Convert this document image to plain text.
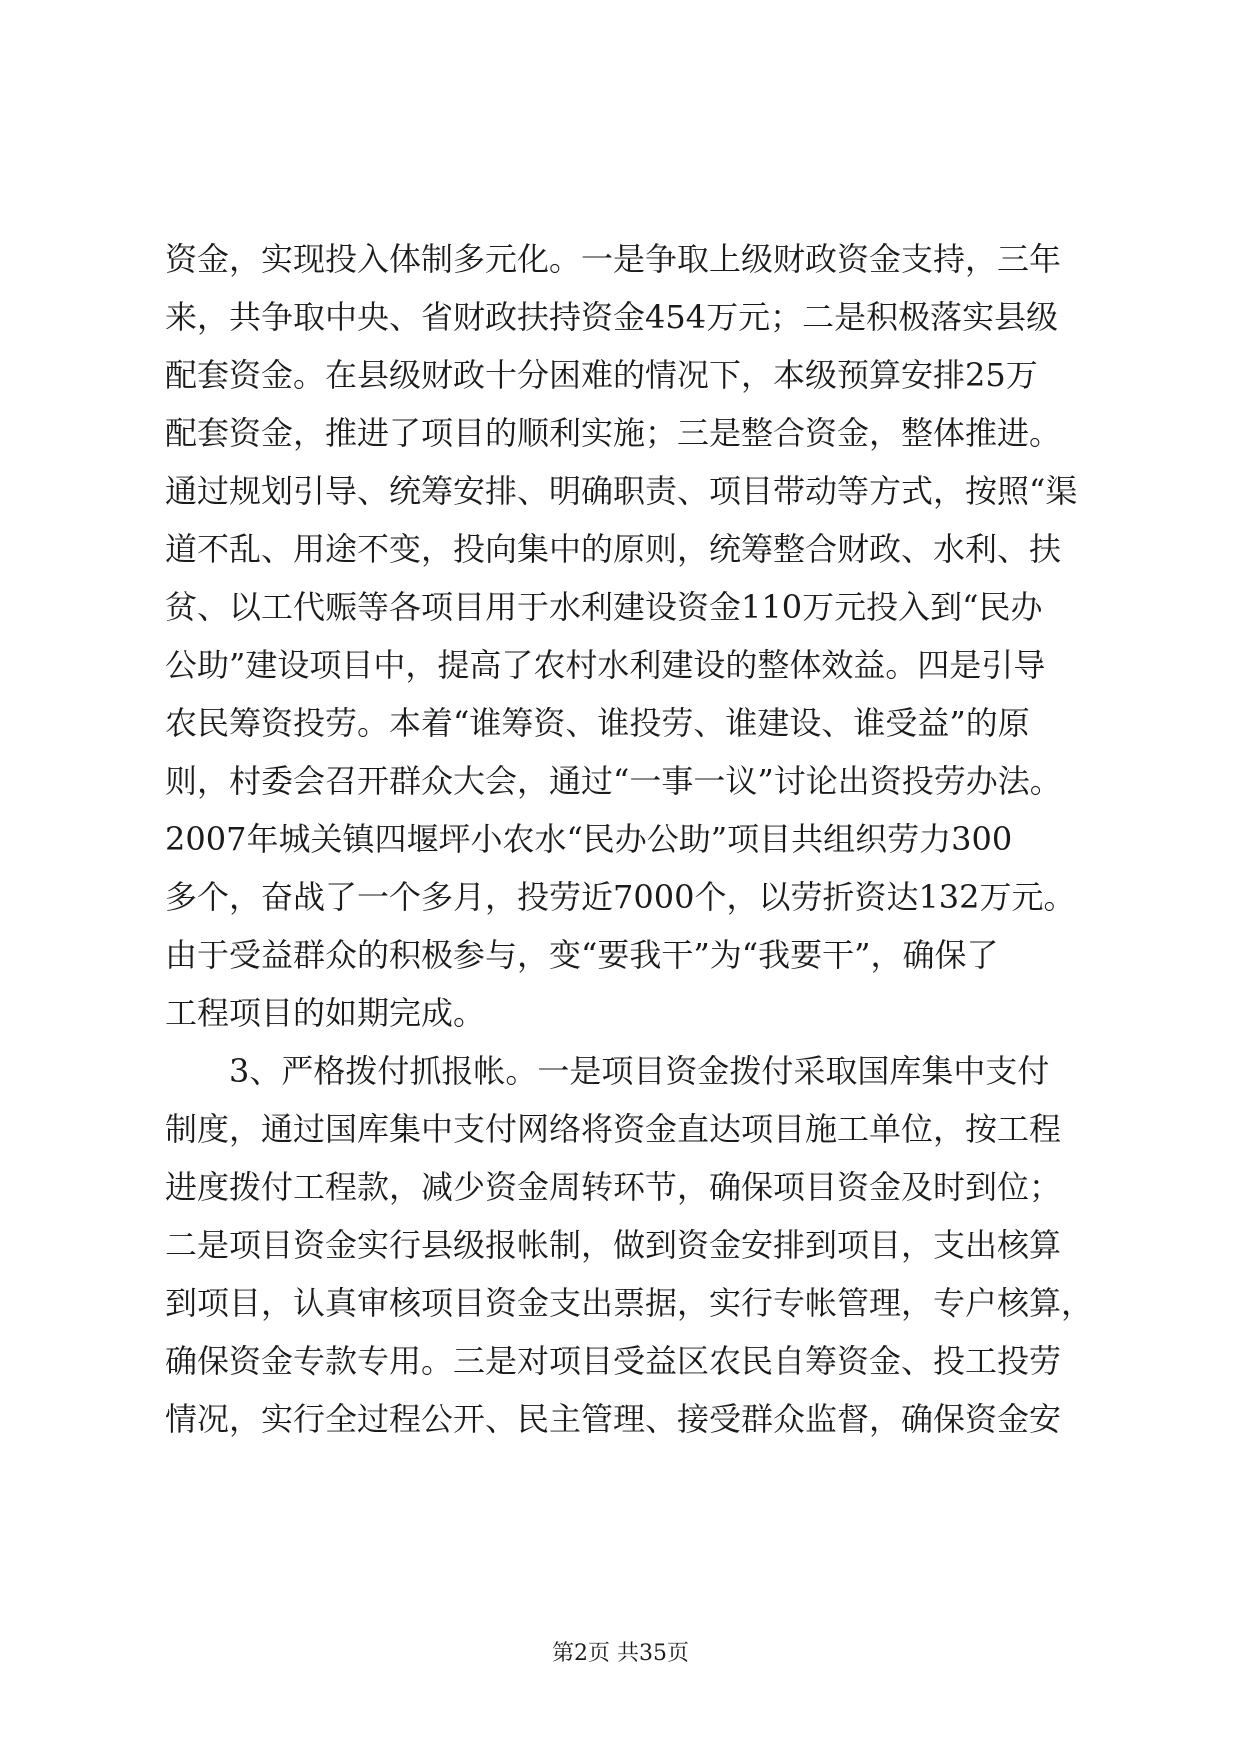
资金，实现投入体制多元化。一是争取上级财政资金支持，三年
来，共争取中央、省财政扶持资金454万元；二是积极落实县级
配套资金。在县级财政十分困难的情况下，本级预算安排25万
配套资金，推进了项目的顺利实施；三是整合资金，整体推进。
通过规划引导、统筹安排、明确职责、项目带动等方式，按照“渠
道不乱、用途不变，投向集中的原则，统筹整合财政、水利、扶
贫、以工代赈等各项目用于水利建设资金110万元投入到“民办
公助”建设项目中，提高了农村水利建设的整体效益。四是引导
农民筹资投劳。本着“谁筹资、谁投劳、谁建设、谁受益”的原
则，村委会召开群众大会，通过“一事一议”讨论出资投劳办法。
2007年城关镇四堰坪小农水“民办公助”项目共组织劳力300
多个，奋战了一个多月，投劳近7000个，以劳折资达132万元。
由于受益群众的积极参与，变“要我干”为“我要干”，确保了
工程项目的如期完成。
3、严格拨付抓报帐。一是项目资金拨付采取国库集中支付
制度，通过国库集中支付网络将资金直达项目施工单位，按工程
进度拨付工程款，减少资金周转环节，确保项目资金及时到位；
二是项目资金实行县级报帐制，做到资金安排到项目，支出核算
到项目，认真审核项目资金支出票据，实行专帐管理，专户核算，
确保资金专款专用。三是对项目受益区农民自筹资金、投工投劳
情况，实行全过程公开、民主管理、接受群众监督，确保资金安
第2页 共35页
